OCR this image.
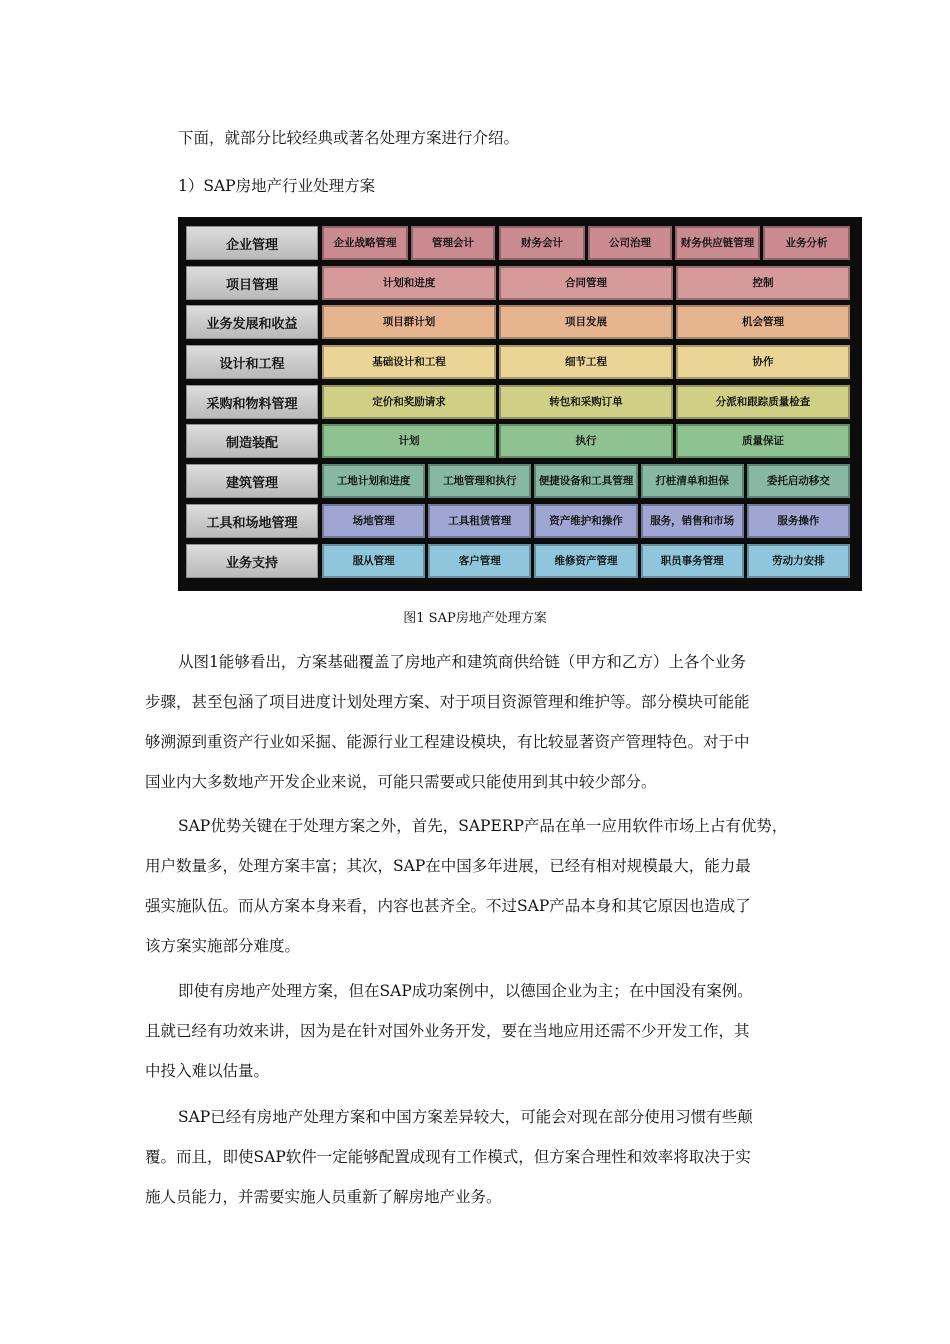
下面，就部分比较经典或著名处理方案进行介绍。
1）SAP房地产行业处理方案
企业管理	企业战略管理	管理会计	财务会计	公司治理	财务供应链管理	业务分析
项目管理	计划和进度	合同管理	控制
业务发展和收益	项目群计划	项目发展	机会管理
设计和工程	基础设计和工程	细节工程	协作
采购和物料管理	定价和奖励请求	转包和采购订单	分派和跟踪质量检查
制造装配	计划	执行	质量保证
建筑管理	工地计划和进度	工地管理和执行	便捷设备和工具管理	打桩清单和担保	委托启动移交
工具和场地管理	场地管理	工具租赁管理	资产维护和操作	服务，销售和市场	服务操作
业务支持	服从管理	客户管理	维修资产管理	职员事务管理	劳动力安排
图1 SAP房地产处理方案
从图1能够看出，方案基础覆盖了房地产和建筑商供给链（甲方和乙方）上各个业务
步骤，甚至包涵了项目进度计划处理方案、对于项目资源管理和维护等。部分模块可能能
够溯源到重资产行业如采掘、能源行业工程建设模块，有比较显著资产管理特色。对于中
国业内大多数地产开发企业来说，可能只需要或只能使用到其中较少部分。
SAP优势关键在于处理方案之外，首先，SAPERP产品在单一应用软件市场上占有优势，
用户数量多，处理方案丰富；其次，SAP在中国多年进展，已经有相对规模最大，能力最
强实施队伍。而从方案本身来看，内容也甚齐全。不过SAP产品本身和其它原因也造成了
该方案实施部分难度。
即使有房地产处理方案，但在SAP成功案例中，以德国企业为主；在中国没有案例。
且就已经有功效来讲，因为是在针对国外业务开发，要在当地应用还需不少开发工作，其
中投入难以估量。
SAP已经有房地产处理方案和中国方案差异较大，可能会对现在部分使用习惯有些颠
覆。而且，即使SAP软件一定能够配置成现有工作模式，但方案合理性和效率将取决于实
施人员能力，并需要实施人员重新了解房地产业务。
